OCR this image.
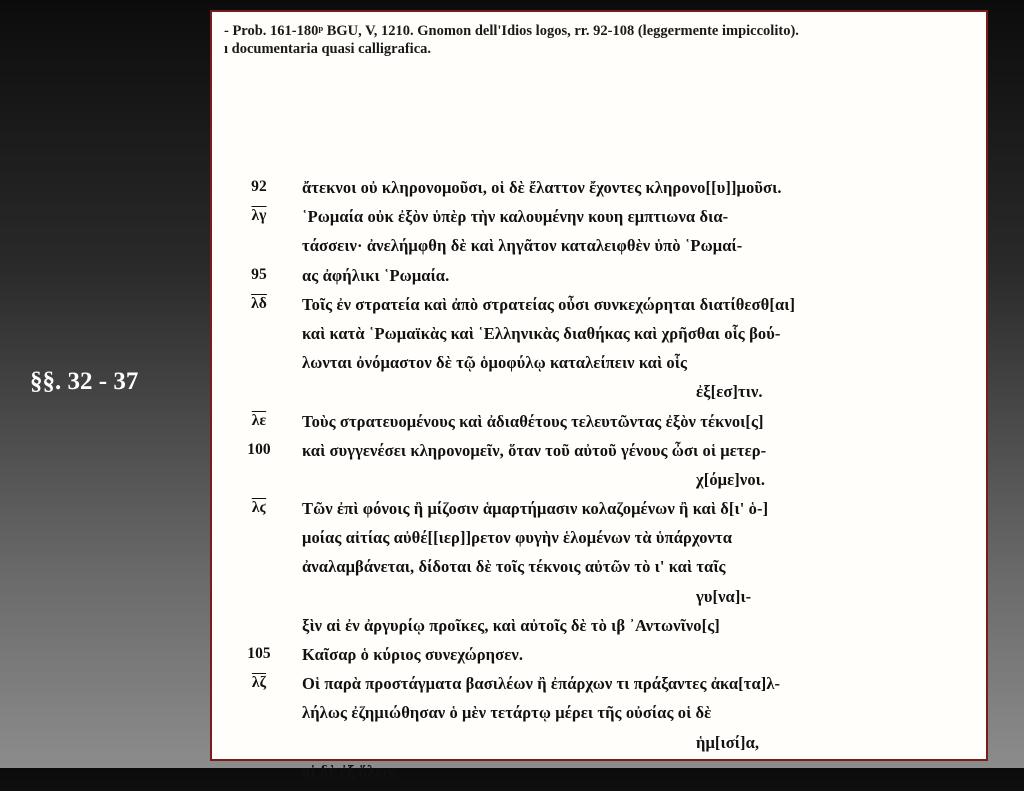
§§. 32 - 37
- Prob. 161-180ᵖ BGU, V, 1210. Gnomon dell'Idios logos, rr. 92-108 (leggermente impiccolito).
ı documentaria quasi calligrafica.
92	ἄτεκνοι οὐ κληρονομοῦσι, οἱ δὲ ἔλαττον ἔχοντες κληρονο[[υ]]μοῦσι.
$\overline{\lambda\gamma}$	῾Ρωμαία οὐκ ἐξὸν ὑπὲρ τὴν καλουμένην κουη εμπτιωνα δια-
τάσσειν· ἀνελήμφθη δὲ καὶ ληγᾶτον καταλειφθὲν ὑπὸ ῾Ρωμαί-
95	ας ἀφήλικι ῾Ρωμαία.
$\overline{\lambda\delta}$	Τοῖς ἐν στρατεία καὶ ἀπὸ στρατείας οὖσι συνκεχώρηται διατίθεσθ[αι]
καὶ κατὰ ῾Ρωμαϊκὰς καὶ ῾Ελληνικὰς διαθήκας καὶ χρῆσθαι οἷς βού-
λωνται ὀνόμαστον δὲ τῷ ὁμοφύλῳ καταλείπειν καὶ οἷς
ἐξ[εσ]τιν.
$\overline{\lambda\varepsilon}$	Τοὺς στρατευομένους καὶ ἀδιαθέτους τελευτῶντας ἐξὸν τέκνοι[ς]
100	καὶ συγγενέσει κληρονομεῖν, ὅταν τοῦ αὐτοῦ γένους ὦσι οἱ μετερ-
χ[όμε]νοι.
$\overline{\lambda ϛ}$	Τῶν ἐπὶ φόνοις ἢ μίζοσιν ἁμαρτήμασιν κολαζομένων ἢ καὶ δ[ι' ὁ-]
μοίας αἰτίας αὐθέ[[ιερ]]ρετον φυγὴν ἑλομένων τὰ ὑπάρχοντα
ἀναλαμβάνεται, δίδοται δὲ τοῖς τέκνοις αὐτῶν τὸ ι' καὶ ταῖς
γυ[να]ι-
ξὶν αἱ ἐν ἀργυρίῳ προῖκες, καὶ αὐτοῖς δὲ τὸ ιβ ᾿Αντωνῖνο[ς]
105	Καῖσαρ ὁ κύριος συνεχώρησεν.
$\overline{\lambda\zeta}$	Οἱ παρὰ προστάγματα βασιλέων ἢ ἐπάρχων τι πράξαντες ἀκα[τα]λ-
λήλως ἐζημιώθησαν ὁ μὲν τετάρτῳ μέρει τῆς οὐσίας οἱ δὲ
ἡμ[ισί]α,
οἱ δὲ ἐξ ὅλων.
